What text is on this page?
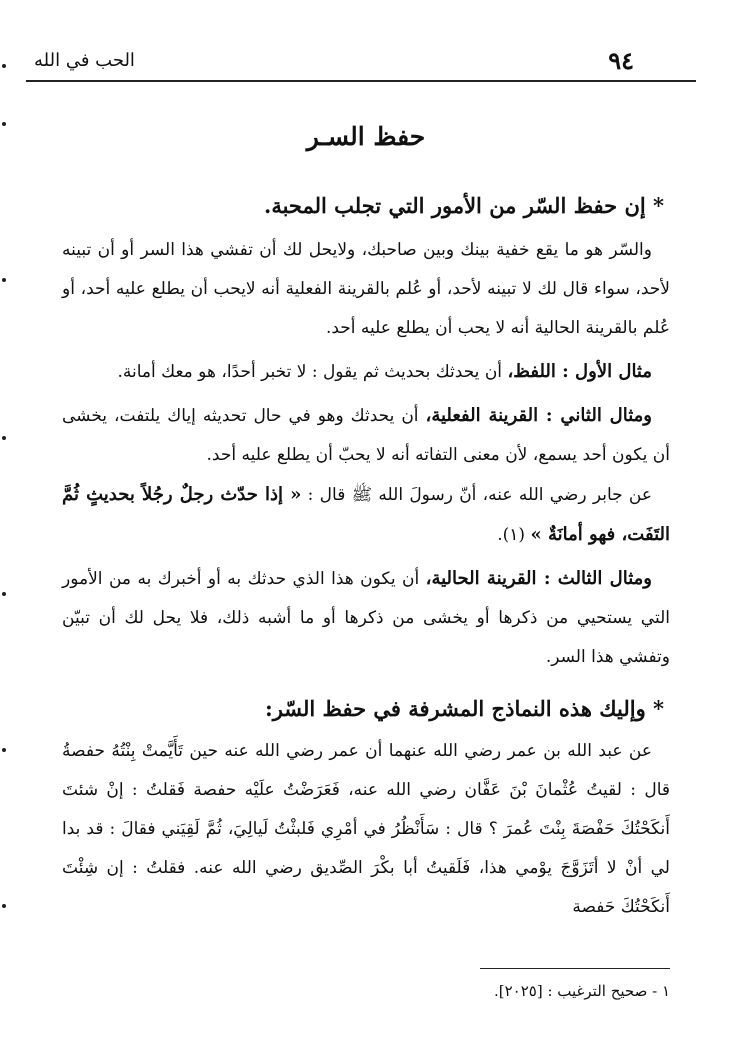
٩٤
الحب في الله
حفظ السـر

* إن حفظ السّر من الأمور التي تجلب المحبة.

والسّر هو ما يقع خفية بينك وبين صاحبك، ولايحل لك أن تفشي هذا السر أو أن تبينه لأحد، سواء قال لك لا تبينه لأحد، أو عُلم بالقرينة الفعلية أنه لايحب أن يطلع عليه أحد، أو عُلم بالقرينة الحالية أنه لا يحب أن يطلع عليه أحد.

مثال الأول : اللفظ، أن يحدثك بحديث ثم يقول : لا تخبر أحدًا، هو معك أمانة.

ومثال الثاني : القرينة الفعلية، أن يحدثك وهو في حال تحديثه إياك يلتفت، يخشى أن يكون أحد يسمع، لأن معنى التفاته أنه لا يحبّ أن يطلع عليه أحد.

عن جابر رضي الله عنه، أنّ رسولَ الله ﷺ قال : « إذا حدّث رجلٌ رجُلاً بحديثٍ ثُمَّ التَفَت، فهو أمانَةٌ » (١).

ومثال الثالث : القرينة الحالية، أن يكون هذا الذي حدثك به أو أخبرك به من الأمور التي يستحيي من ذكرها أو يخشى من ذكرها أو ما أشبه ذلك، فلا يحل لك أن تبيّن وتفشي هذا السر.

* وإليك هذه النماذج المشرفة في حفظ السّر:

عن عبد الله بن عمر رضي الله عنهما أن عمر رضي الله عنه حين تَأَيَّمتْ بِنْتُهُ حفصةُ قال : لقيتُ عُثْمانَ بْنَ عَفَّان رضي الله عنه، فَعَرَضْتُ علَيْه حفصة فَقلتُ : إنْ شئتَ أَنكَحْتُكَ حَفْصَةَ بِنْتَ عُمرَ ؟ قال : سَأَنْظُرُ في أمْرِي فَلبثْتُ لَيالِيَ، ثُمَّ لَقِيَني فقالَ : قد بدا لي أنْ لا أتَزَوَّجَ يوْمي هذا، فَلَقيتُ أبا بكْرَ الصِّديق رضي الله عنه. فقلتُ : إن شِئْتَ أَنكَحْتُكَ حَفصة

١ - صحيح الترغيب : [٢٠٢٥].
